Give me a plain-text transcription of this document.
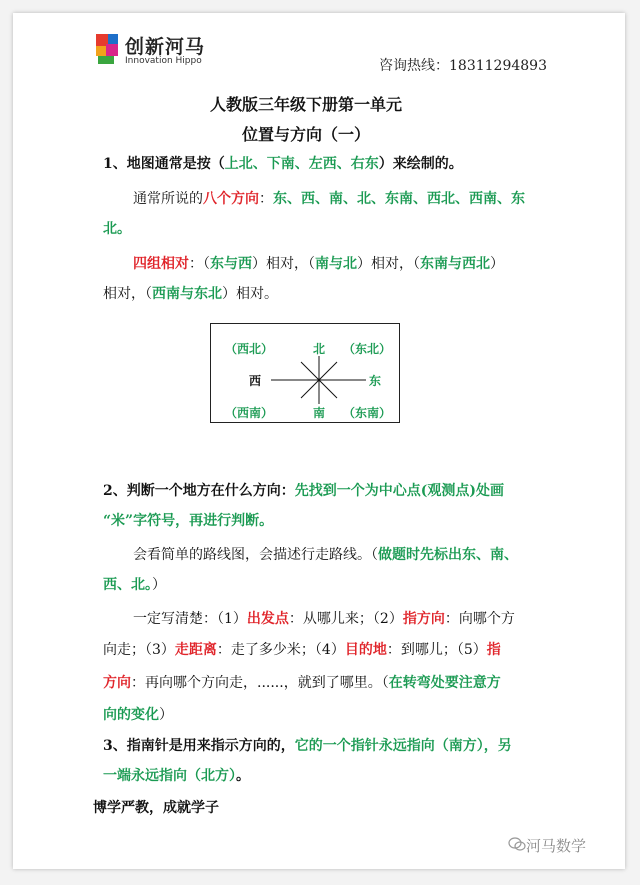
创新河马
Innovation Hippo	咨询热线：18311294893
人教版三年级下册第一单元
位置与方向（一）
1、地图通常是按（上北、下南、左西、右东）来绘制的。
通常所说的八个方向：东、西、南、北、东南、西北、西南、东
北。
四组相对：（东与西）相对，（南与北）相对，（东南与西北）
相对，（西南与东北）相对。
（西北）	北 （东北）
西	东
（西南）	南 （东南）
2、判断一个地方在什么方向：先找到一个为中心点(观测点)处画
“米”字符号，再进行判断。
会看简单的路线图，会描述行走路线。（做题时先标出东、南、
西、北。）
一定写清楚：（1）出发点：从哪儿来；（2）指方向：向哪个方
向走；（3）走距离：走了多少米；（4）目的地：到哪儿；（5）指
方向：再向哪个方向走，......，就到了哪里。（在转弯处要注意方
向的变化）
3、指南针是用来指示方向的，它的一个指针永远指向（南方），另
一端永远指向（北方）。
博学严教，成就学子
河马数学
